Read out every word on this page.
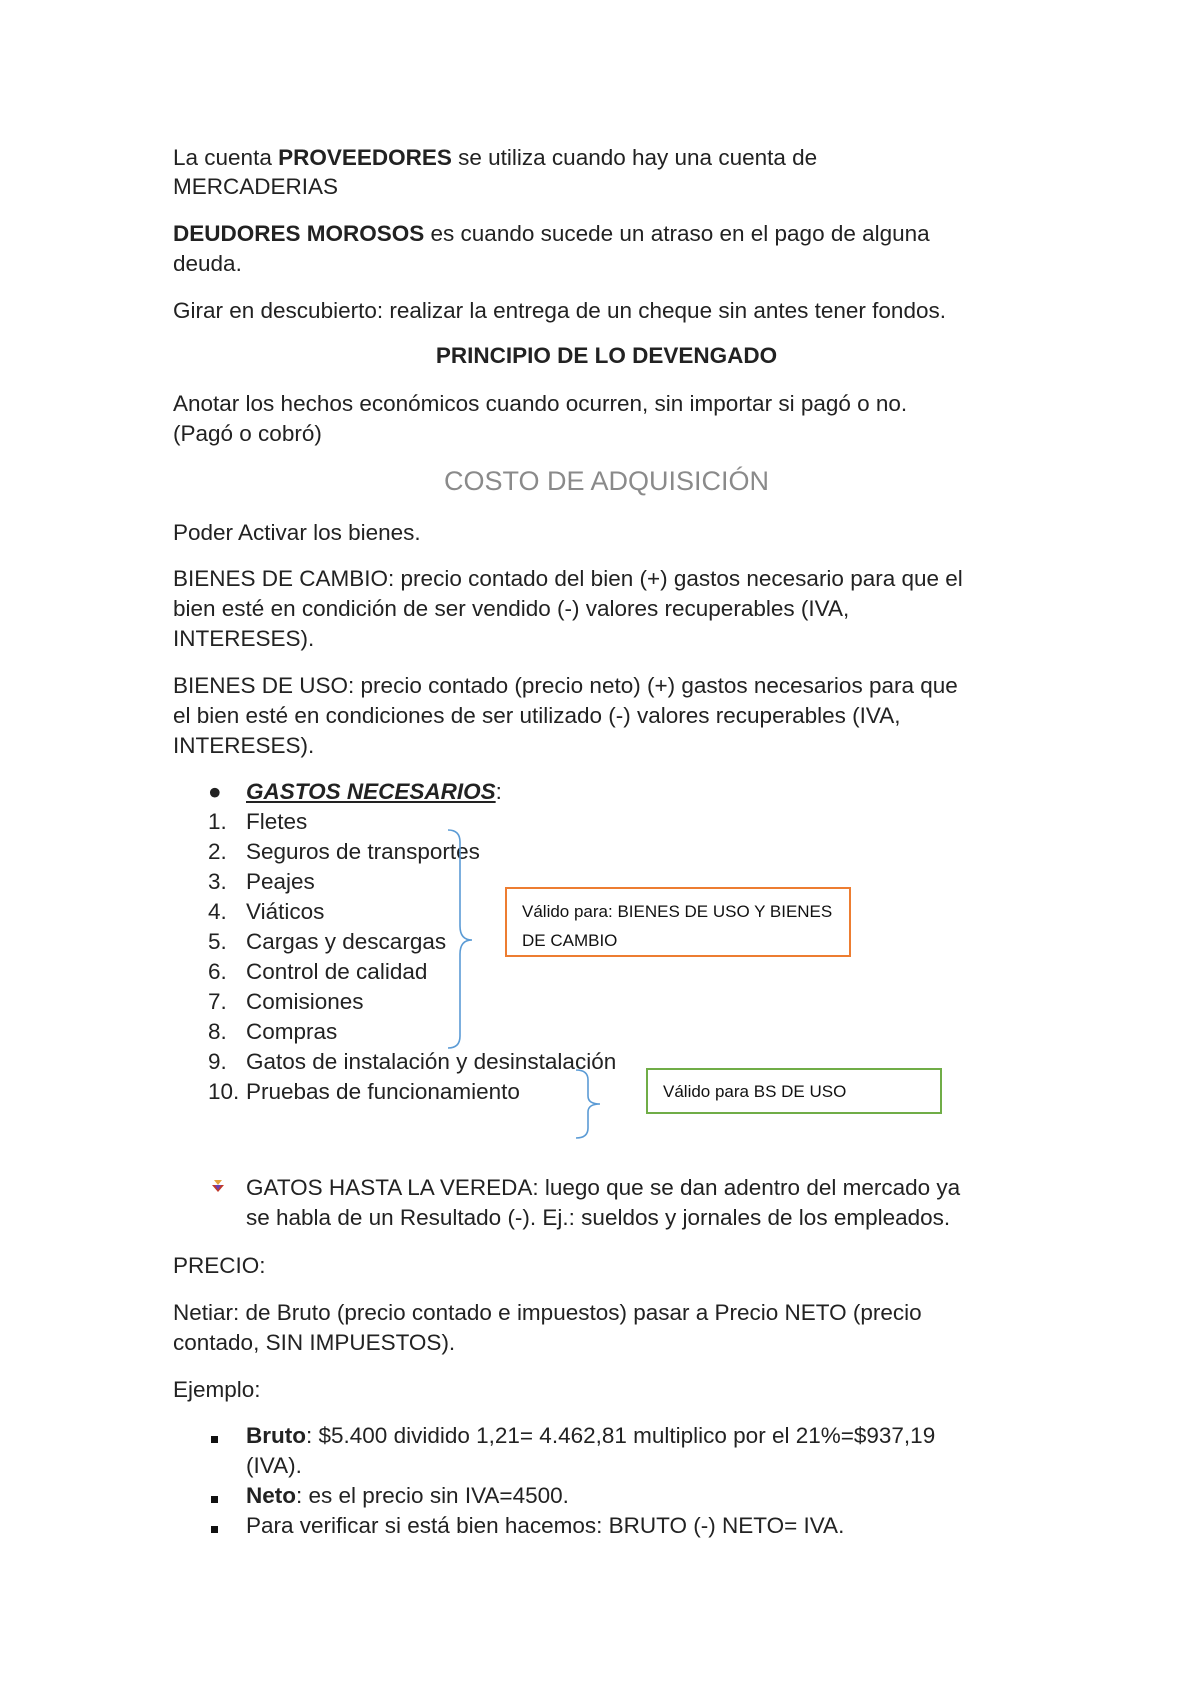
La cuenta PROVEEDORES se utiliza cuando hay una cuenta de

MERCADERIAS

DEUDORES MOROSOS es cuando sucede un atraso en el pago de alguna

deuda.

Girar en descubierto: realizar la entrega de un cheque sin antes tener fondos.

PRINCIPIO DE LO DEVENGADO

Anotar los hechos económicos cuando ocurren, sin importar si pagó o no.

(Pagó o cobró)

COSTO DE ADQUISICIÓN

Poder Activar los bienes.

BIENES DE CAMBIO: precio contado del bien (+) gastos necesario para que el

bien esté en condición de ser vendido (-) valores recuperables (IVA,

INTERESES).

BIENES DE USO: precio contado (precio neto) (+) gastos necesarios para que

el bien esté en condiciones de ser utilizado (-) valores recuperables (IVA,

INTERESES).

● GASTOS NECESARIOS:
1. Fletes
2. Seguros de transportes
3. Peajes
4. Viáticos
5. Cargas y descargas
6. Control de calidad
7. Comisiones
8. Compras
9. Gatos de instalación y desinstalación
10. Pruebas de funcionamiento
Válido para: BIENES DE USO Y BIENES
DE CAMBIO
Válido para BS DE USO
GATOS HASTA LA VEREDA: luego que se dan adentro del mercado ya
se habla de un Resultado (-). Ej.: sueldos y jornales de los empleados.

PRECIO:

Netiar: de Bruto (precio contado e impuestos) pasar a Precio NETO (precio

contado, SIN IMPUESTOS).

Ejemplo:

Bruto: $5.400 dividido 1,21= 4.462,81 multiplico por el 21%=$937,19
(IVA).
Neto: es el precio sin IVA=4500.
Para verificar si está bien hacemos: BRUTO (-) NETO= IVA.
